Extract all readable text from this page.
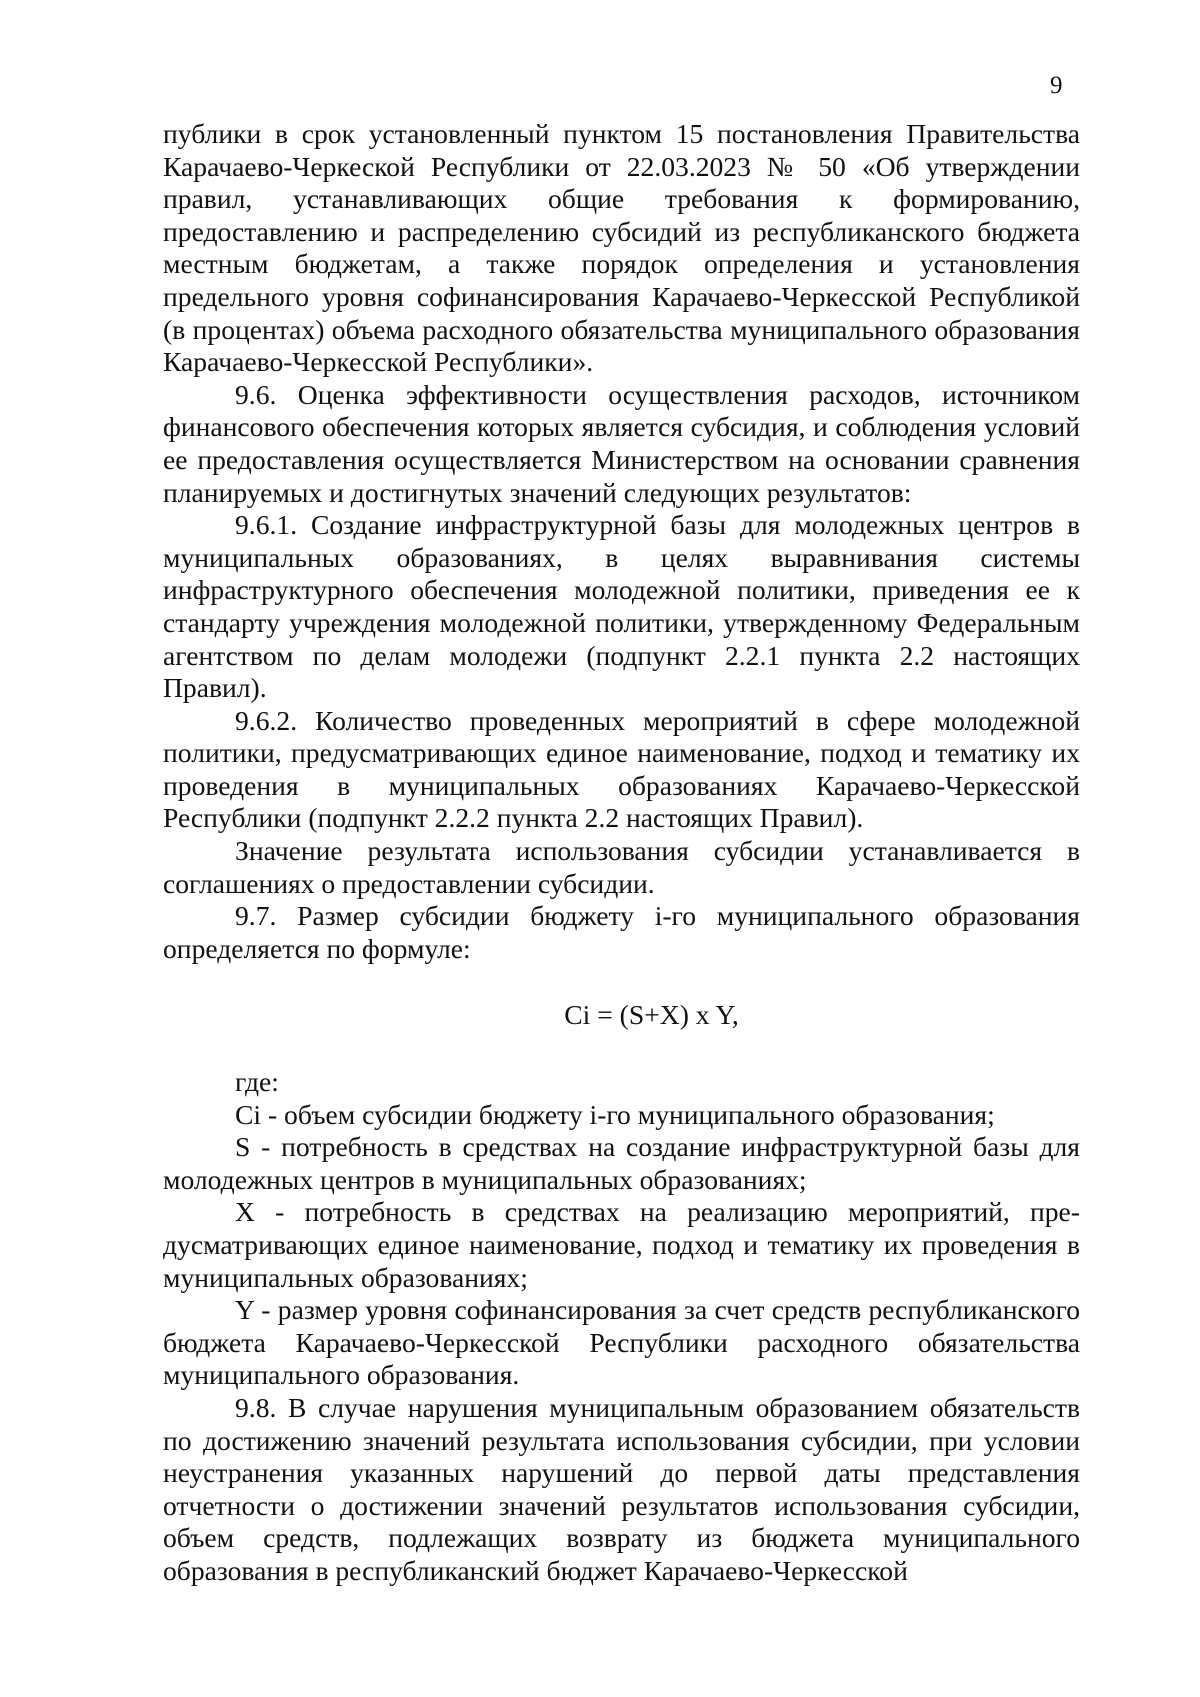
9

публики в срок установленный пунктом 15 постановления Правительства Карачаево-Черкеской Республики от 22.03.2023 № 50 «Об утверждении правил, устанавливающих общие требования к формированию, предоставлению и распределению субсидий из республиканского бюджета местным бюджетам, а также порядок определения и установления предельного уровня софинансирования Карачаево-Черкесской Республикой (в процентах) объема расходного обязательства муниципального образования Карачаево-Черкесской Республики».

9.6. Оценка эффективности осуществления расходов, источником финансового обеспечения которых является субсидия, и соблюдения условий ее предоставления осуществляется Министерством на основании сравнения планируемых и достигнутых значений следующих результатов:

9.6.1. Создание инфраструктурной базы для молодежных центров в муниципальных образованиях, в целях выравнивания системы инфраструктурного обеспечения молодежной политики, приведения ее к стандарту учреждения молодежной политики, утвержденному Федеральным агентством по делам молодежи (подпункт 2.2.1 пункта 2.2 настоящих Правил).

9.6.2. Количество проведенных мероприятий в сфере молодежной политики, предусматривающих единое наименование, подход и тематику их проведения в муниципальных образованиях Карачаево-Черкесской Республики (подпункт 2.2.2 пункта 2.2 настоящих Правил).

Значение результата использования субсидии устанавливается в соглашениях о предоставлении субсидии.

9.7. Размер субсидии бюджету i-го муниципального образования определяется по формуле:

Ci = (S+X) x Y,

где:

Ci - объем субсидии бюджету i-го муниципального образования;

S - потребность в средствах на создание инфраструктурной базы для молодежных центров в муниципальных образованиях;

X - потребность в средствах на реализацию мероприятий, предусматривающих единое наименование, подход и тематику их проведения в муниципальных образованиях;

Y - размер уровня софинансирования за счет средств республиканского бюджета Карачаево-Черкесской Республики расходного обязательства муниципального образования.

9.8. В случае нарушения муниципальным образованием обязательств по достижению значений результата использования субсидии, при условии неустранения указанных нарушений до первой даты представления отчетности о достижении значений результатов использования субсидии, объем средств, подлежащих возврату из бюджета муниципального образования в республиканский бюджет Карачаево-Черкесской
